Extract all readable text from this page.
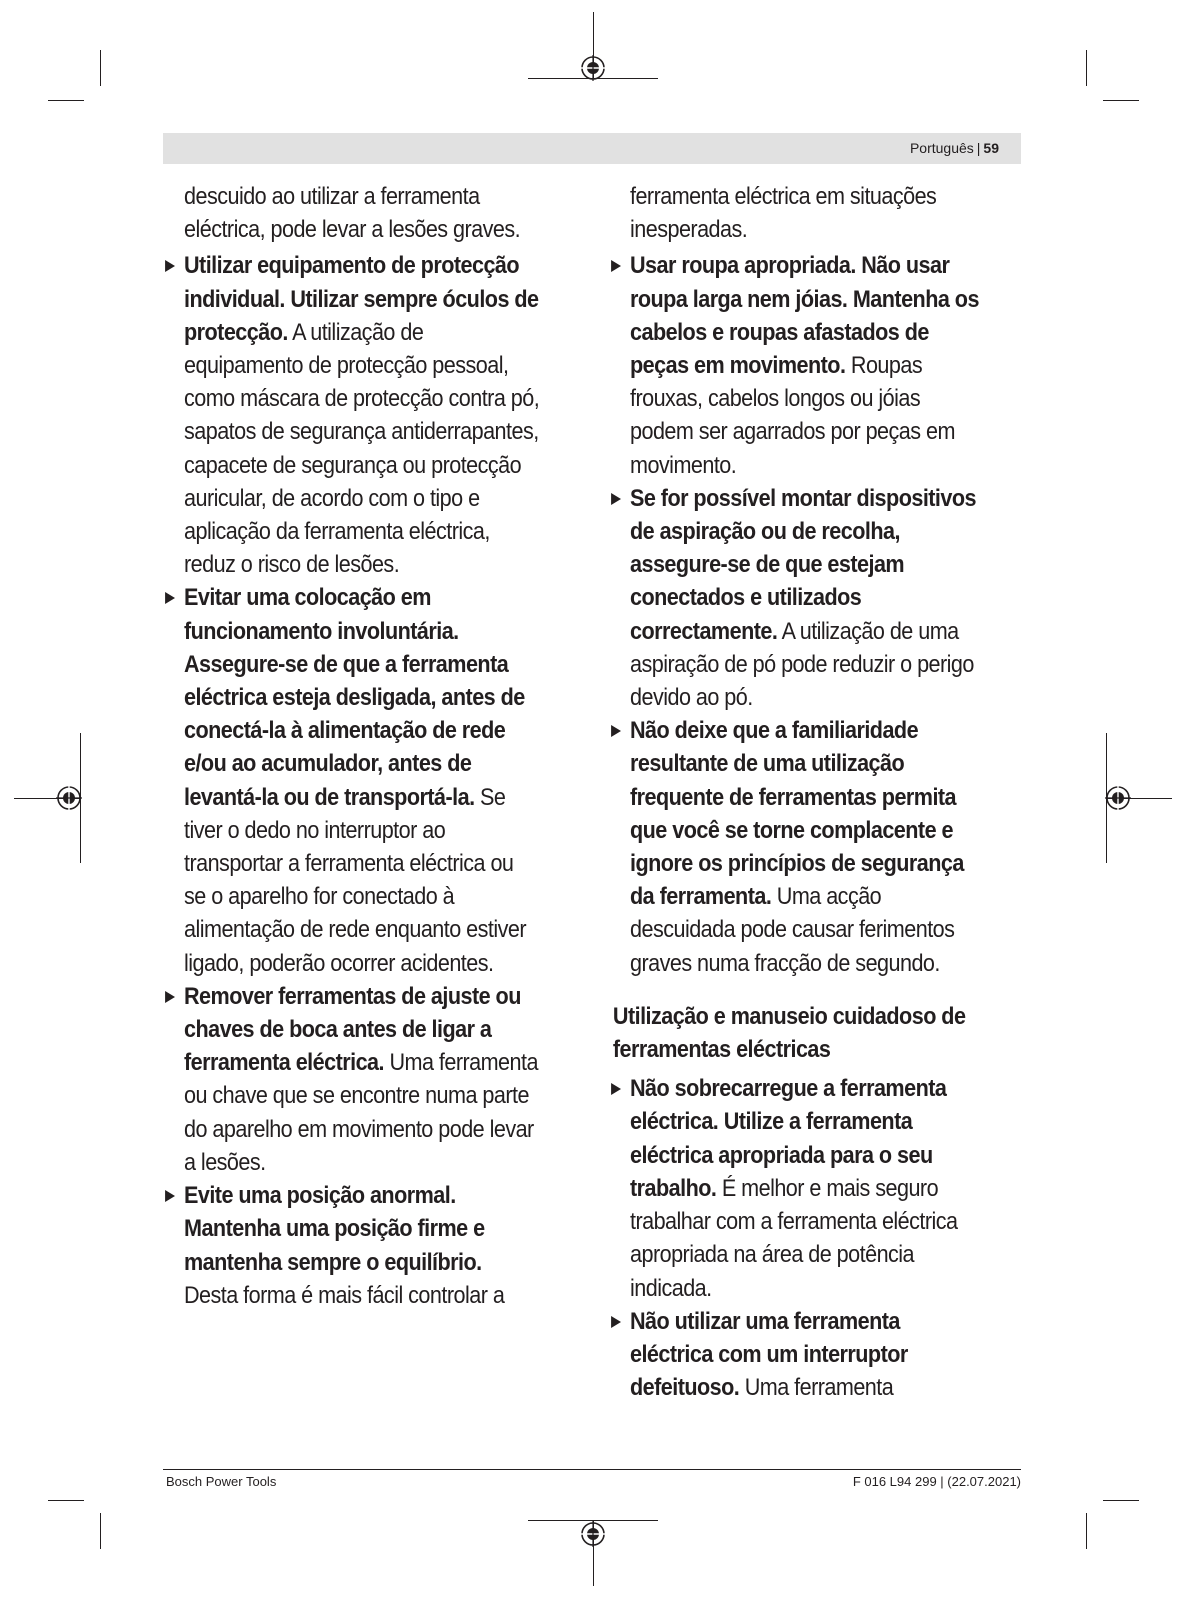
Português | 59

descuido ao utilizar a ferramenta eléctrica, pode levar a lesões graves.

Utilizar equipamento de protecção individual. Utilizar sempre óculos de protecção. A utilização de equipamento de protecção pessoal, como máscara de protecção contra pó, sapatos de segurança antiderrapantes, capacete de segurança ou protecção auricular, de acordo com o tipo e aplicação da ferramenta eléctrica, reduz o risco de lesões.

Evitar uma colocação em funcionamento involuntária. Assegure-se de que a ferramenta eléctrica esteja desligada, antes de conectá-la à alimentação de rede e/ou ao acumulador, antes de levantá-la ou de transportá-la. Se tiver o dedo no interruptor ao transportar a ferramenta eléctrica ou se o aparelho for conectado à alimentação de rede enquanto estiver ligado, poderão ocorrer acidentes.

Remover ferramentas de ajuste ou chaves de boca antes de ligar a ferramenta eléctrica. Uma ferramenta ou chave que se encontre numa parte do aparelho em movimento pode levar a lesões.

Evite uma posição anormal. Mantenha uma posição firme e mantenha sempre o equilíbrio. Desta forma é mais fácil controlar a

ferramenta eléctrica em situações inesperadas.

Usar roupa apropriada. Não usar roupa larga nem jóias. Mantenha os cabelos e roupas afastados de peças em movimento. Roupas frouxas, cabelos longos ou jóias podem ser agarrados por peças em movimento.

Se for possível montar dispositivos de aspiração ou de recolha, assegure-se de que estejam conectados e utilizados correctamente. A utilização de uma aspiração de pó pode reduzir o perigo devido ao pó.

Não deixe que a familiaridade resultante de uma utilização frequente de ferramentas permita que você se torne complacente e ignore os princípios de segurança da ferramenta. Uma acção descuidada pode causar ferimentos graves numa fracção de segundo.

Utilização e manuseio cuidadoso de ferramentas eléctricas

Não sobrecarregue a ferramenta eléctrica. Utilize a ferramenta eléctrica apropriada para o seu trabalho. É melhor e mais seguro trabalhar com a ferramenta eléctrica apropriada na área de potência indicada.

Não utilizar uma ferramenta eléctrica com um interruptor defeituoso. Uma ferramenta

Bosch Power Tools	F 016 L94 299 | (22.07.2021)
